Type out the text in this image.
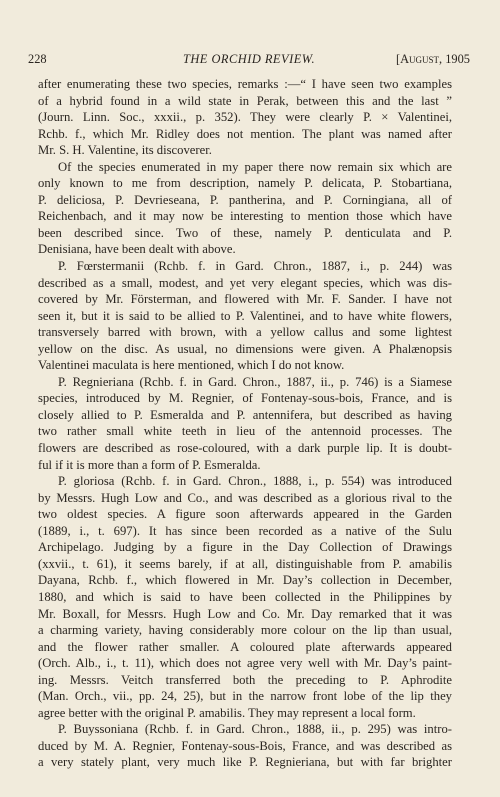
228	THE ORCHID REVIEW.	[August, 1905
after enumerating these two species, remarks :—“ I have seen two examples
of a hybrid found in a wild state in Perak, between this and the last ”
(Journ. Linn. Soc., xxxii., p. 352). They were clearly P. × Valentinei,
Rchb. f., which Mr. Ridley does not mention. The plant was named after
Mr. S. H. Valentine, its discoverer.
Of the species enumerated in my paper there now remain six which are
only known to me from description, namely P. delicata, P. Stobartiana,
P. deliciosa, P. Devrieseana, P. pantherina, and P. Corningiana, all of
Reichenbach, and it may now be interesting to mention those which have
been described since. Two of these, namely P. denticulata and P.
Denisiana, have been dealt with above.
P. Fœrstermanii (Rchb. f. in Gard. Chron., 1887, i., p. 244) was
described as a small, modest, and yet very elegant species, which was dis-
covered by Mr. Försterman, and flowered with Mr. F. Sander. I have not
seen it, but it is said to be allied to P. Valentinei, and to have white flowers,
transversely barred with brown, with a yellow callus and some lightest
yellow on the disc. As usual, no dimensions were given. A Phalænopsis
Valentinei maculata is here mentioned, which I do not know.
P. Regnieriana (Rchb. f. in Gard. Chron., 1887, ii., p. 746) is a Siamese
species, introduced by M. Regnier, of Fontenay-sous-bois, France, and is
closely allied to P. Esmeralda and P. antennifera, but described as having
two rather small white teeth in lieu of the antennoid processes. The
flowers are described as rose-coloured, with a dark purple lip. It is doubt-
ful if it is more than a form of P. Esmeralda.
P. gloriosa (Rchb. f. in Gard. Chron., 1888, i., p. 554) was introduced
by Messrs. Hugh Low and Co., and was described as a glorious rival to the
two oldest species. A figure soon afterwards appeared in the Garden
(1889, i., t. 697). It has since been recorded as a native of the Sulu
Archipelago. Judging by a figure in the Day Collection of Drawings
(xxvii., t. 61), it seems barely, if at all, distinguishable from P. amabilis
Dayana, Rchb. f., which flowered in Mr. Day’s collection in December,
1880, and which is said to have been collected in the Philippines by
Mr. Boxall, for Messrs. Hugh Low and Co. Mr. Day remarked that it was
a charming variety, having considerably more colour on the lip than usual,
and the flower rather smaller. A coloured plate afterwards appeared
(Orch. Alb., i., t. 11), which does not agree very well with Mr. Day’s paint-
ing. Messrs. Veitch transferred both the preceding to P. Aphrodite
(Man. Orch., vii., pp. 24, 25), but in the narrow front lobe of the lip they
agree better with the original P. amabilis. They may represent a local form.
P. Buyssoniana (Rchb. f. in Gard. Chron., 1888, ii., p. 295) was intro-
duced by M. A. Regnier, Fontenay-sous-Bois, France, and was described as
a very stately plant, very much like P. Regnieriana, but with far brighter
